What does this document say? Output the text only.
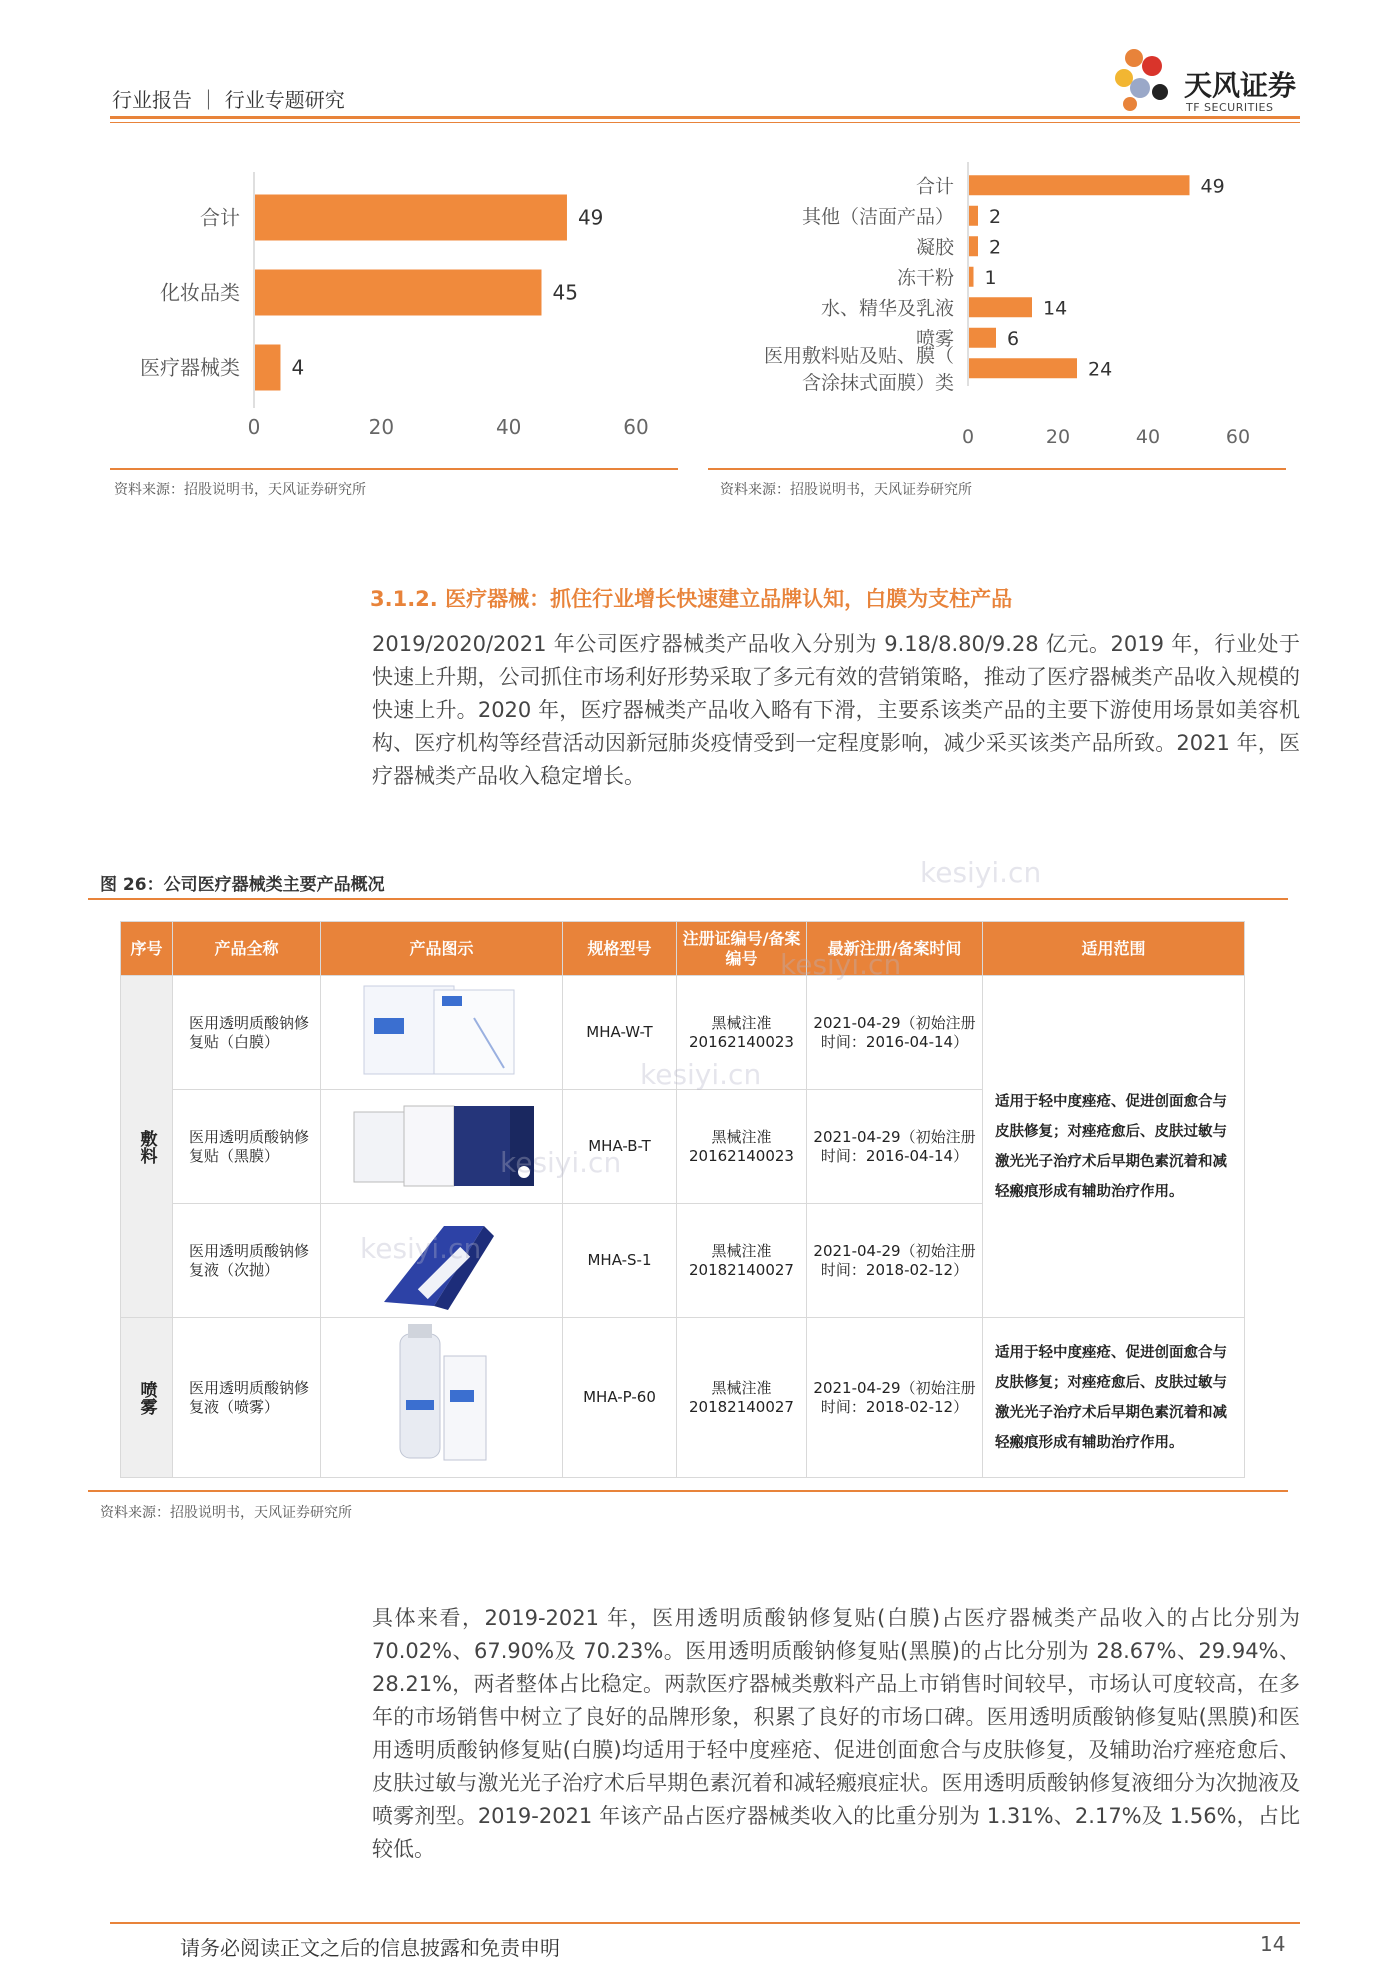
行业报告 ｜ 行业专题研究	天风证券
TF SECURITIES
49
合计
45
化妆品类
4
医疗器械类
0	20	40	60
49
合计
2
其他（洁面产品）
2
凝胶
1
冻干粉
14
水、精华及乳液
6
喷雾
24
医用敷料贴及贴、膜（
含涂抹式面膜）类
0	20	40	60
资料来源：招股说明书，天风证券研究所	资料来源：招股说明书，天风证券研究所
3.1.2. 医疗器械：抓住行业增长快速建立品牌认知，白膜为支柱产品
2019/2020/2021 年公司医疗器械类产品收入分别为 9.18/8.80/9.28 亿元。2019 年，行业处于快速上升期，公司抓住市场利好形势采取了多元有效的营销策略，推动了医疗器械类产品收入规模的快速上升。2020 年，医疗器械类产品收入略有下滑，主要系该类产品的主要下游使用场景如美容机构、医疗机构等经营活动因新冠肺炎疫情受到一定程度影响，减少采买该类产品所致。2021 年，医疗器械类产品收入稳定增长。
图 26：公司医疗器械类主要产品概况
序号	产品全称	产品图示	规格型号	注册证编号/备案编号	最新注册/备案时间	适用范围
敷料	医用透明质酸钠修复贴（白膜）		MHA-W-T	黑械注准20162140023	2021-04-29（初始注册时间：2016-04-14）	适用于轻中度痤疮、促进创面愈合与皮肤修复；对痤疮愈后、皮肤过敏与激光光子治疗术后早期色素沉着和减轻瘢痕形成有辅助治疗作用。
	医用透明质酸钠修复贴（黑膜）		MHA-B-T	黑械注准20162140023	2021-04-29（初始注册时间：2016-04-14）	
	医用透明质酸钠修复液（次抛）		MHA-S-1	黑械注准20182140027	2021-04-29（初始注册时间：2018-02-12）	
喷雾	医用透明质酸钠修复液（喷雾）		MHA-P-60	黑械注准20182140027	2021-04-29（初始注册时间：2018-02-12）	适用于轻中度痤疮、促进创面愈合与皮肤修复；对痤疮愈后、皮肤过敏与激光光子治疗术后早期色素沉着和减轻瘢痕形成有辅助治疗作用。
kesiyi.cn
kesiyi.cn
kesiyi.cn
kesiyi.cn
kesiyi.cn
资料来源：招股说明书，天风证券研究所
具体来看，2019-2021 年，医用透明质酸钠修复贴(白膜)占医疗器械类产品收入的占比分别为 70.02%、67.90%及 70.23%。医用透明质酸钠修复贴(黑膜)的占比分别为 28.67%、29.94%、28.21%，两者整体占比稳定。两款医疗器械类敷料产品上市销售时间较早，市场认可度较高，在多年的市场销售中树立了良好的品牌形象，积累了良好的市场口碑。医用透明质酸钠修复贴(黑膜)和医用透明质酸钠修复贴(白膜)均适用于轻中度痤疮、促进创面愈合与皮肤修复，及辅助治疗痤疮愈后、皮肤过敏与激光光子治疗术后早期色素沉着和减轻瘢痕症状。医用透明质酸钠修复液细分为次抛液及喷雾剂型。2019-2021 年该产品占医疗器械类收入的比重分别为 1.31%、2.17%及 1.56%，占比较低。
请务必阅读正文之后的信息披露和免责申明	14
